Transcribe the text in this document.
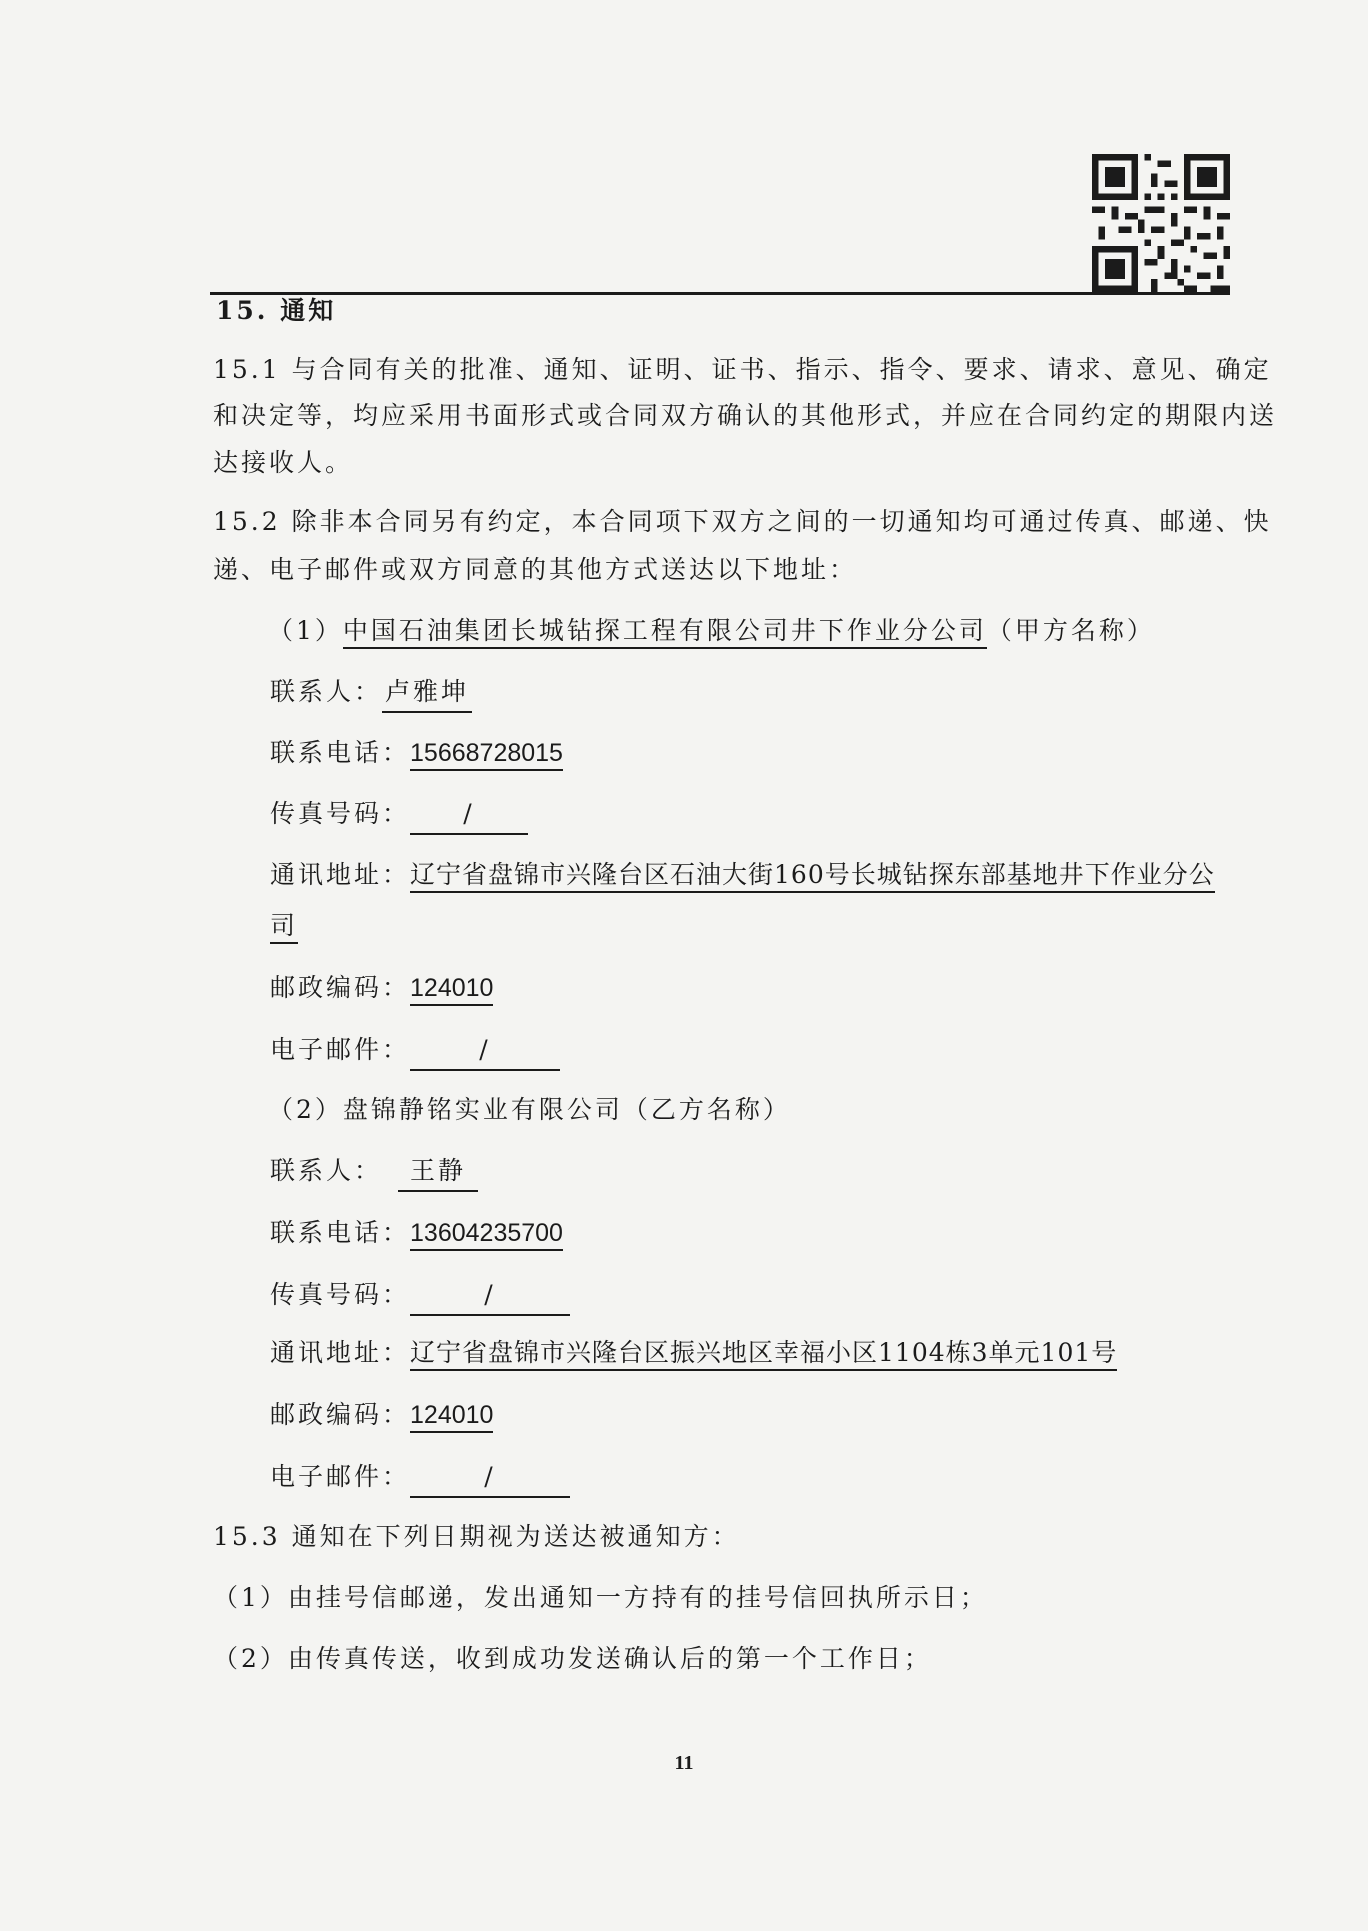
15. 通知
15.1 与合同有关的批准、通知、证明、证书、指示、指令、要求、请求、意见、确定
和决定等，均应采用书面形式或合同双方确认的其他形式，并应在合同约定的期限内送
达接收人。
15.2 除非本合同另有约定，本合同项下双方之间的一切通知均可通过传真、邮递、快
递、电子邮件或双方同意的其他方式送达以下地址：
（1）中国石油集团长城钻探工程有限公司井下作业分公司（甲方名称）
联系人： 卢雅坤
联系电话：15668728015
传真号码： /
通讯地址：辽宁省盘锦市兴隆台区石油大街160号长城钻探东部基地井下作业分公
司
邮政编码：124010
电子邮件：	/
（2）盘锦静铭实业有限公司（乙方名称）
联系人： 王静
联系电话：13604235700
传真号码：	/
通讯地址：辽宁省盘锦市兴隆台区振兴地区幸福小区1104栋3单元101号
邮政编码：124010
电子邮件：	/
15.3 通知在下列日期视为送达被通知方：
（1）由挂号信邮递，发出通知一方持有的挂号信回执所示日；
（2）由传真传送，收到成功发送确认后的第一个工作日；
11
